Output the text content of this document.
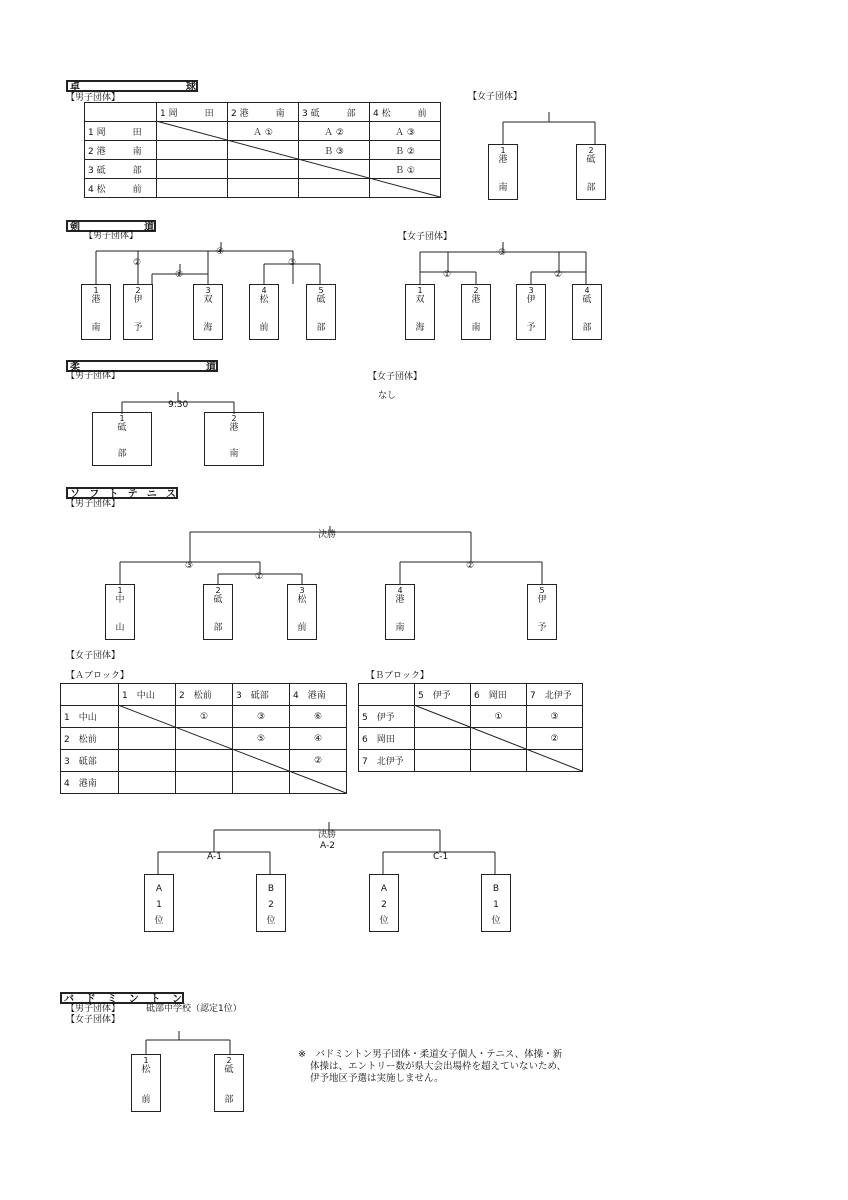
卓	球
【男子団体】	【女子団体】
	1 岡　　　田	2 港　　　南	3 砥　　　部	4 松　　　前
1 岡　　　田		Ａ ①	Ａ ②	Ａ ③
2 港　　　南			Ｂ ③	Ｂ ②
3 砥　　　部				Ｂ ①
4 松　　　前				
剣	道
【男子団体】	【女子団体】
柔	道
【男子団体】	【女子団体】
なし
ソ フ ト テ ニ ス
【男子団体】
【女子団体】
【Ａブロック】	【Ｂブロック】
	1　中山	2　松前	3　砥部	4　港南
1　中山		①	③	⑥
2　松前			⑤	④
3　砥部				②
4　港南				
	5　伊予	6　岡田	7　北伊予
5　伊予		①	③
6　岡田			②
7　北伊予			
バ ド ミ ン ト ン
【男子団体】	砥部中学校（認定1位）
【女子団体】
※　バドミントン男子団体・柔道女子個人・テニス、体操・新
体操は、エントリー数が県大会出場枠を超えていないため、
伊予地区予選は実施しません。
1
港
南
2
砥
部
1
港
南
2
伊
予
3
双
海
4
松
前
5
砥
部
①
②	③
④
1
双
海
2
港
南
3
伊
予
4
砥
部
①	②
③
9:30
1
砥
部
2
港
南
決勝
1
中
山
2
砥
部
3
松
前
4
港
南
5
伊
予
①
②
③
決勝
A-2
A-1	C-1
A
1
位
B
2
位
A
2
位
B
1
位
1
松
前
2
砥
部
